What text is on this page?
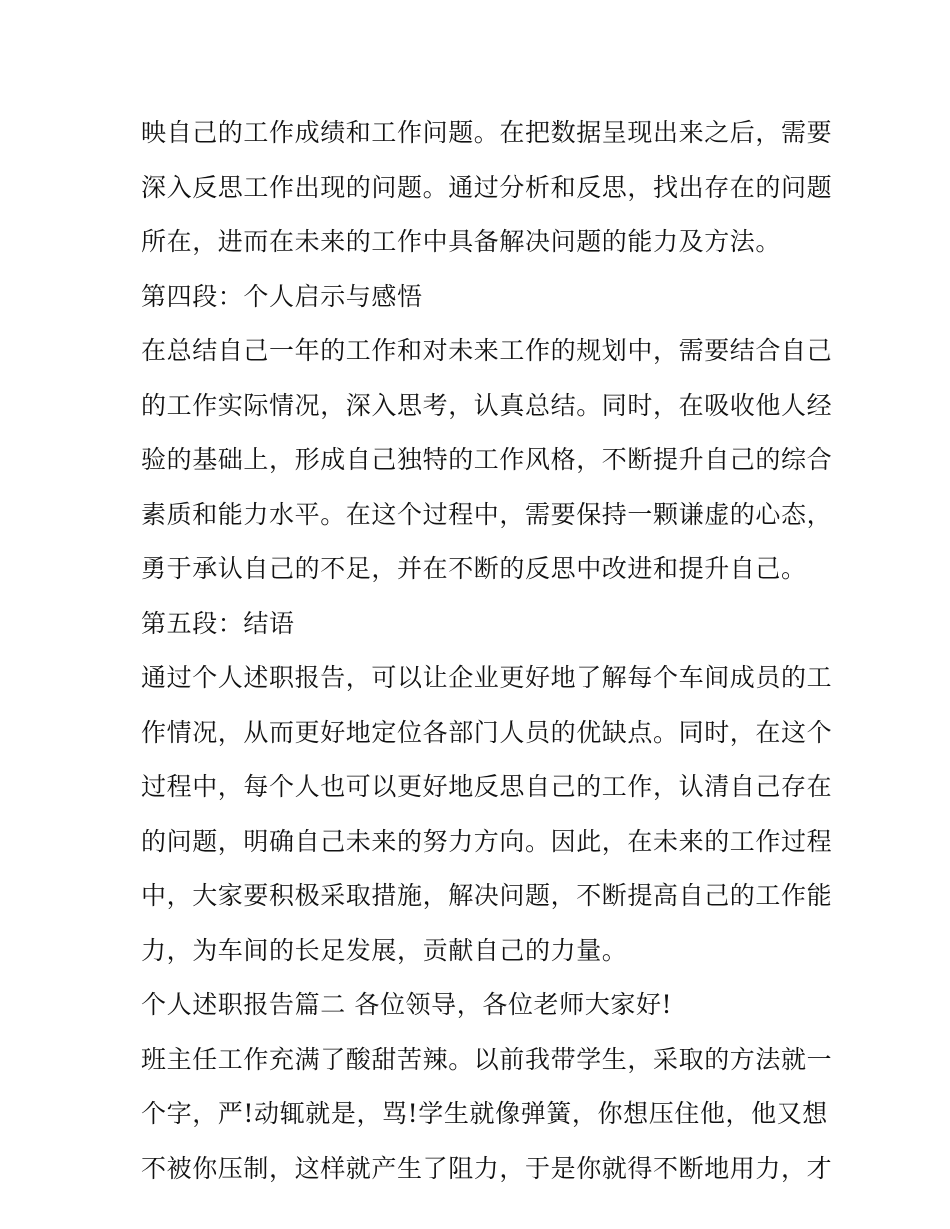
映自己的工作成绩和工作问题。在把数据呈现出来之后，需要
深入反思工作出现的问题。通过分析和反思，找出存在的问题
所在，进而在未来的工作中具备解决问题的能力及方法。
第四段：个人启示与感悟
在总结自己一年的工作和对未来工作的规划中，需要结合自己
的工作实际情况，深入思考，认真总结。同时，在吸收他人经
验的基础上，形成自己独特的工作风格，不断提升自己的综合
素质和能力水平。在这个过程中，需要保持一颗谦虚的心态，
勇于承认自己的不足，并在不断的反思中改进和提升自己。
第五段：结语
通过个人述职报告，可以让企业更好地了解每个车间成员的工
作情况，从而更好地定位各部门人员的优缺点。同时，在这个
过程中，每个人也可以更好地反思自己的工作，认清自己存在
的问题，明确自己未来的努力方向。因此，在未来的工作过程
中，大家要积极采取措施，解决问题，不断提高自己的工作能
力，为车间的长足发展，贡献自己的力量。
个人述职报告篇二 各位领导，各位老师大家好!
班主任工作充满了酸甜苦辣。以前我带学生，采取的方法就一
个字，严!动辄就是，骂!学生就像弹簧，你想压住他，他又想
不被你压制，这样就产生了阻力，于是你就得不断地用力，才
